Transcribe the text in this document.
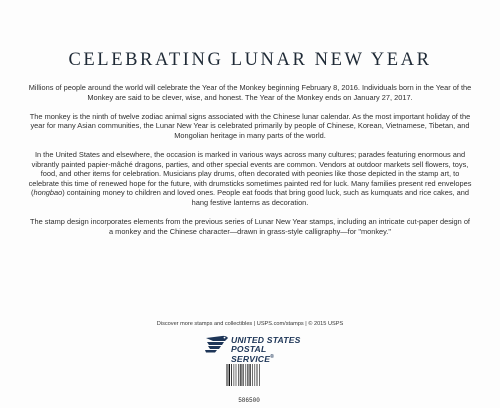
CELEBRATING LUNAR NEW YEAR

Millions of people around the world will celebrate the Year of the Monkey beginning February 8, 2016. Individuals born in the Year of the Monkey are said to be clever, wise, and honest. The Year of the Monkey ends on January 27, 2017.

The monkey is the ninth of twelve zodiac animal signs associated with the Chinese lunar calendar. As the most important holiday of the year for many Asian communities, the Lunar New Year is celebrated primarily by people of Chinese, Korean, Vietnamese, Tibetan, and Mongolian heritage in many parts of the world.

In the United States and elsewhere, the occasion is marked in various ways across many cultures; parades featuring enormous and vibrantly painted papier-mâché dragons, parties, and other special events are common. Vendors at outdoor markets sell flowers, toys, food, and other items for celebration. Musicians play drums, often decorated with peonies like those depicted in the stamp art, to celebrate this time of renewed hope for the future, with drumsticks sometimes painted red for luck. Many families present red envelopes (hongbao) containing money to children and loved ones. People eat foods that bring good luck, such as kumquats and rice cakes, and hang festive lanterns as decoration.

The stamp design incorporates elements from the previous series of Lunar New Year stamps, including an intricate cut-paper design of a monkey and the Chinese character—drawn in grass-style calligraphy—for "monkey."

Discover more stamps and collectibles | USPS.com/stamps | © 2015 USPS
UNITED STATES
POSTAL SERVICE®
586500
